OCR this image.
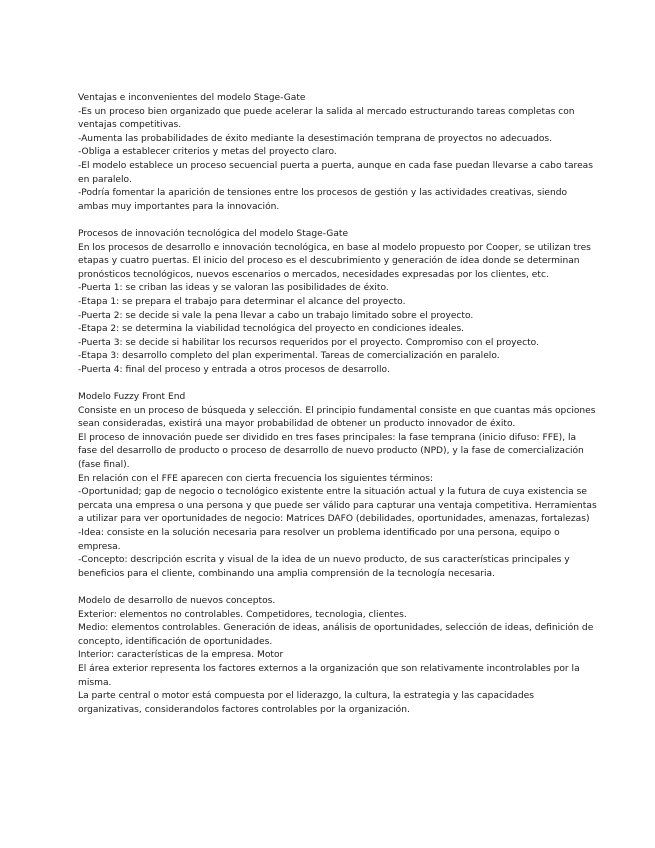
Ventajas e inconvenientes del modelo Stage-Gate

-Es un proceso bien organizado que puede acelerar la salida al mercado estructurando tareas completas con ventajas competitivas.

-Aumenta las probabilidades de éxito mediante la desestimación temprana de proyectos no adecuados.

-Obliga a establecer criterios y metas del proyecto claro.

-El modelo establece un proceso secuencial puerta a puerta, aunque en cada fase puedan llevarse a cabo tareas en paralelo.

-Podría fomentar la aparición de tensiones entre los procesos de gestión y las actividades creativas, siendo ambas muy importantes para la innovación.

Procesos de innovación tecnológica del modelo Stage-Gate

En los procesos de desarrollo e innovación tecnológica, en base al modelo propuesto por Cooper, se utilizan tres etapas y cuatro puertas. El inicio del proceso es el descubrimiento y generación de idea donde se determinan pronósticos tecnológicos, nuevos escenarios o mercados, necesidades expresadas por los clientes, etc.

-Puerta 1: se criban las ideas y se valoran las posibilidades de éxito.

-Etapa 1: se prepara el trabajo para determinar el alcance del proyecto.

-Puerta 2: se decide si vale la pena llevar a cabo un trabajo limitado sobre el proyecto.

-Etapa 2: se determina la viabilidad tecnológica del proyecto en condiciones ideales.

-Puerta 3: se decide si habilitar los recursos requeridos por el proyecto. Compromiso con el proyecto.

-Etapa 3: desarrollo completo del plan experimental. Tareas de comercialización en paralelo.

-Puerta 4: final del proceso y entrada a otros procesos de desarrollo.

Modelo Fuzzy Front End

Consiste en un proceso de búsqueda y selección. El principio fundamental consiste en que cuantas más opciones sean consideradas, existirá una mayor probabilidad de obtener un producto innovador de éxito.

El proceso de innovación puede ser dividido en tres fases principales: la fase temprana (inicio difuso: FFE), la fase del desarrollo de producto o proceso de desarrollo de nuevo producto (NPD), y la fase de comercialización (fase final).

En relación con el FFE aparecen con cierta frecuencia los siguientes términos:

-Oportunidad; gap de negocio o tecnológico existente entre la situación actual y la futura de cuya existencia se percata una empresa o una persona y que puede ser válido para capturar una ventaja competitiva. Herramientas a utilizar para ver oportunidades de negocio: Matrices DAFO (debilidades, oportunidades, amenazas, fortalezas)

-Idea: consiste en la solución necesaria para resolver un problema identificado por una persona, equipo o empresa.

-Concepto: descripción escrita y visual de la idea de un nuevo producto, de sus características principales y beneficios para el cliente, combinando una amplia comprensión de la tecnología necesaria.

Modelo de desarrollo de nuevos conceptos.

Exterior: elementos no controlables. Competidores, tecnologia, clientes.

Medio: elementos controlables. Generación de ideas, análisis de oportunidades, selección de ideas, definición de concepto, identificación de oportunidades.

Interior: características de la empresa. Motor

El área exterior representa los factores externos a la organización que son relativamente incontrolables por la misma.

La parte central o motor está compuesta por el liderazgo, la cultura, la estrategia y las capacidades organizativas, considerandolos factores controlables por la organización.
